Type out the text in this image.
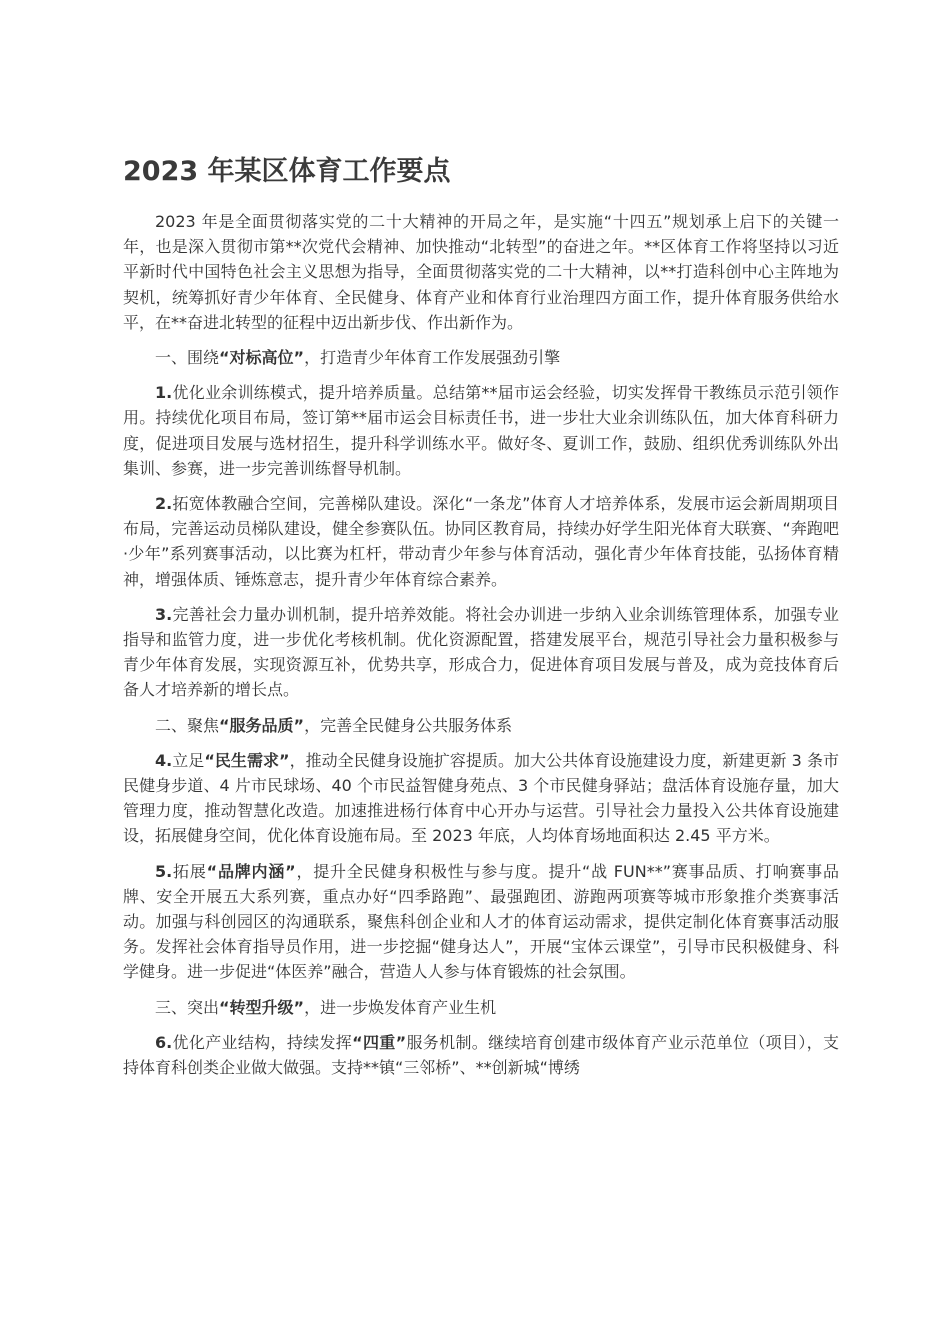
2023 年某区体育工作要点

2023 年是全面贯彻落实党的二十大精神的开局之年，是实施“十四五”规划承上启下的关键一年，也是深入贯彻市第**次党代会精神、加快推动“北转型”的奋进之年。**区体育工作将坚持以习近平新时代中国特色社会主义思想为指导，全面贯彻落实党的二十大精神，以**打造科创中心主阵地为契机，统筹抓好青少年体育、全民健身、体育产业和体育行业治理四方面工作，提升体育服务供给水平，在**奋进北转型的征程中迈出新步伐、作出新作为。

一、围绕“对标高位”，打造青少年体育工作发展强劲引擎

1.优化业余训练模式，提升培养质量。总结第**届市运会经验，切实发挥骨干教练员示范引领作用。持续优化项目布局，签订第**届市运会目标责任书，进一步壮大业余训练队伍，加大体育科研力度，促进项目发展与选材招生，提升科学训练水平。做好冬、夏训工作，鼓励、组织优秀训练队外出集训、参赛，进一步完善训练督导机制。

2.拓宽体教融合空间，完善梯队建设。深化“一条龙”体育人才培养体系，发展市运会新周期项目布局，完善运动员梯队建设，健全参赛队伍。协同区教育局，持续办好学生阳光体育大联赛、“奔跑吧·少年”系列赛事活动，以比赛为杠杆，带动青少年参与体育活动，强化青少年体育技能，弘扬体育精神，增强体质、锤炼意志，提升青少年体育综合素养。

3.完善社会力量办训机制，提升培养效能。将社会办训进一步纳入业余训练管理体系，加强专业指导和监管力度，进一步优化考核机制。优化资源配置，搭建发展平台，规范引导社会力量积极参与青少年体育发展，实现资源互补，优势共享，形成合力，促进体育项目发展与普及，成为竞技体育后备人才培养新的增长点。

二、聚焦“服务品质”，完善全民健身公共服务体系

4.立足“民生需求”，推动全民健身设施扩容提质。加大公共体育设施建设力度，新建更新 3 条市民健身步道、4 片市民球场、40 个市民益智健身苑点、3 个市民健身驿站；盘活体育设施存量，加大管理力度，推动智慧化改造。加速推进杨行体育中心开办与运营。引导社会力量投入公共体育设施建设，拓展健身空间，优化体育设施布局。至 2023 年底，人均体育场地面积达 2.45 平方米。

5.拓展“品牌内涵”，提升全民健身积极性与参与度。提升“战 FUN**”赛事品质、打响赛事品牌、安全开展五大系列赛，重点办好“四季路跑”、最强跑团、游跑两项赛等城市形象推介类赛事活动。加强与科创园区的沟通联系，聚焦科创企业和人才的体育运动需求，提供定制化体育赛事活动服务。发挥社会体育指导员作用，进一步挖掘“健身达人”，开展“宝体云课堂”，引导市民积极健身、科学健身。进一步促进“体医养”融合，营造人人参与体育锻炼的社会氛围。

三、突出“转型升级”，进一步焕发体育产业生机

6.优化产业结构，持续发挥“四重”服务机制。继续培育创建市级体育产业示范单位（项目），支持体育科创类企业做大做强。支持**镇“三邻桥”、**创新城“博绣
